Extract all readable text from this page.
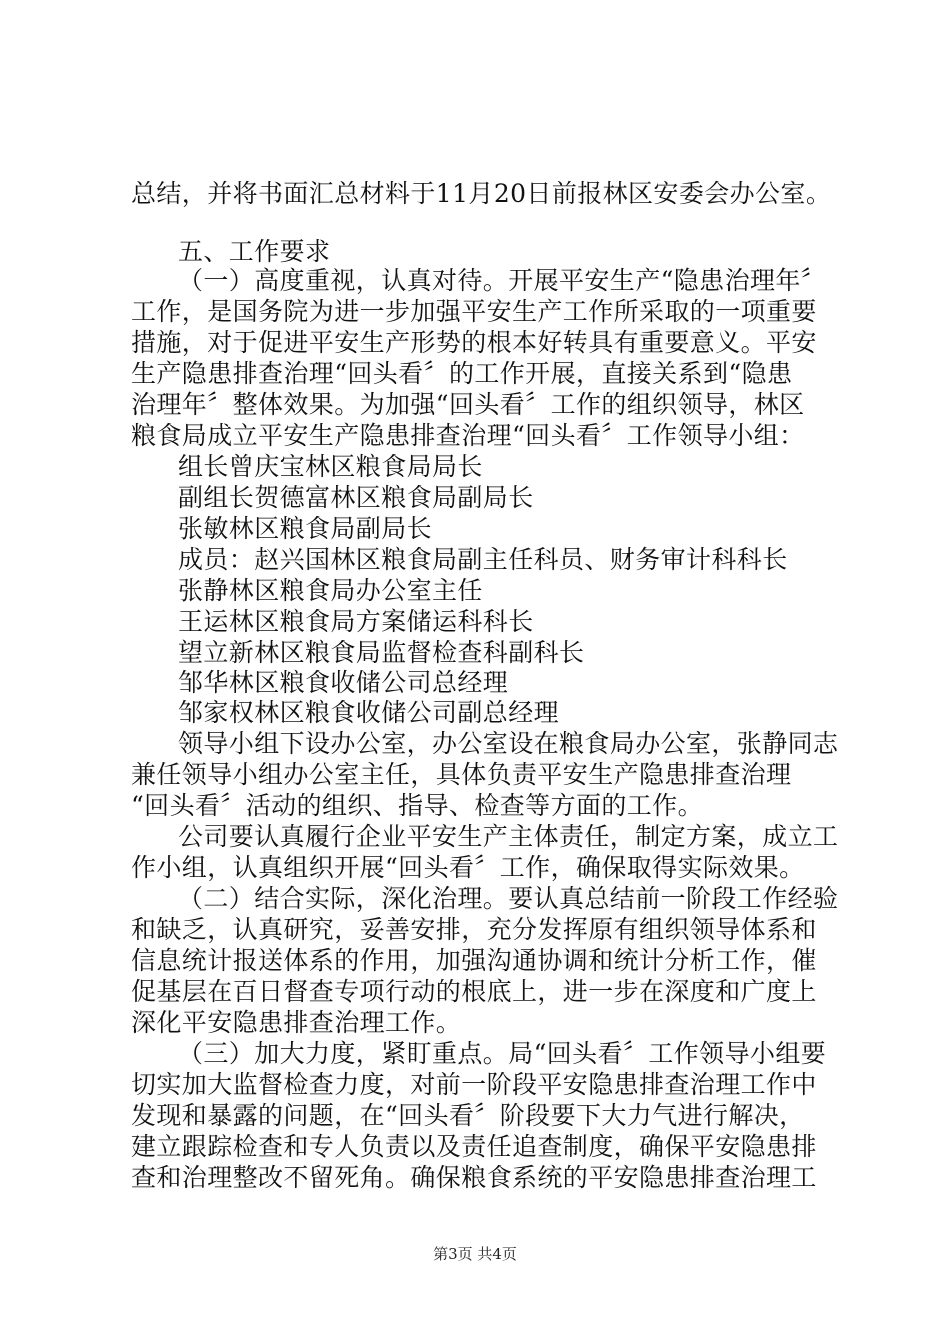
总结，并将书面汇总材料于11月20日前报林区安委会办公室。
五、工作要求
（一）高度重视，认真对待。开展平安生产“隐患治理年〞
工作，是国务院为进一步加强平安生产工作所采取的一项重要
措施，对于促进平安生产形势的根本好转具有重要意义。平安
生产隐患排查治理“回头看〞的工作开展，直接关系到“隐患
治理年〞整体效果。为加强“回头看〞工作的组织领导，林区
粮食局成立平安生产隐患排查治理“回头看〞工作领导小组：
组长曾庆宝林区粮食局局长
副组长贺德富林区粮食局副局长
张敏林区粮食局副局长
成员：赵兴国林区粮食局副主任科员、财务审计科科长
张静林区粮食局办公室主任
王运林区粮食局方案储运科科长
望立新林区粮食局监督检查科副科长
邹华林区粮食收储公司总经理
邹家权林区粮食收储公司副总经理
领导小组下设办公室，办公室设在粮食局办公室，张静同志
兼任领导小组办公室主任，具体负责平安生产隐患排查治理
“回头看〞活动的组织、指导、检查等方面的工作。
公司要认真履行企业平安生产主体责任，制定方案，成立工
作小组，认真组织开展“回头看〞工作，确保取得实际效果。
（二）结合实际，深化治理。要认真总结前一阶段工作经验
和缺乏，认真研究，妥善安排，充分发挥原有组织领导体系和
信息统计报送体系的作用，加强沟通协调和统计分析工作，催
促基层在百日督查专项行动的根底上，进一步在深度和广度上
深化平安隐患排查治理工作。
（三）加大力度，紧盯重点。局“回头看〞工作领导小组要
切实加大监督检查力度，对前一阶段平安隐患排查治理工作中
发现和暴露的问题，在“回头看〞阶段要下大力气进行解决，
建立跟踪检查和专人负责以及责任追查制度，确保平安隐患排
查和治理整改不留死角。确保粮食系统的平安隐患排查治理工
第3页 共4页
